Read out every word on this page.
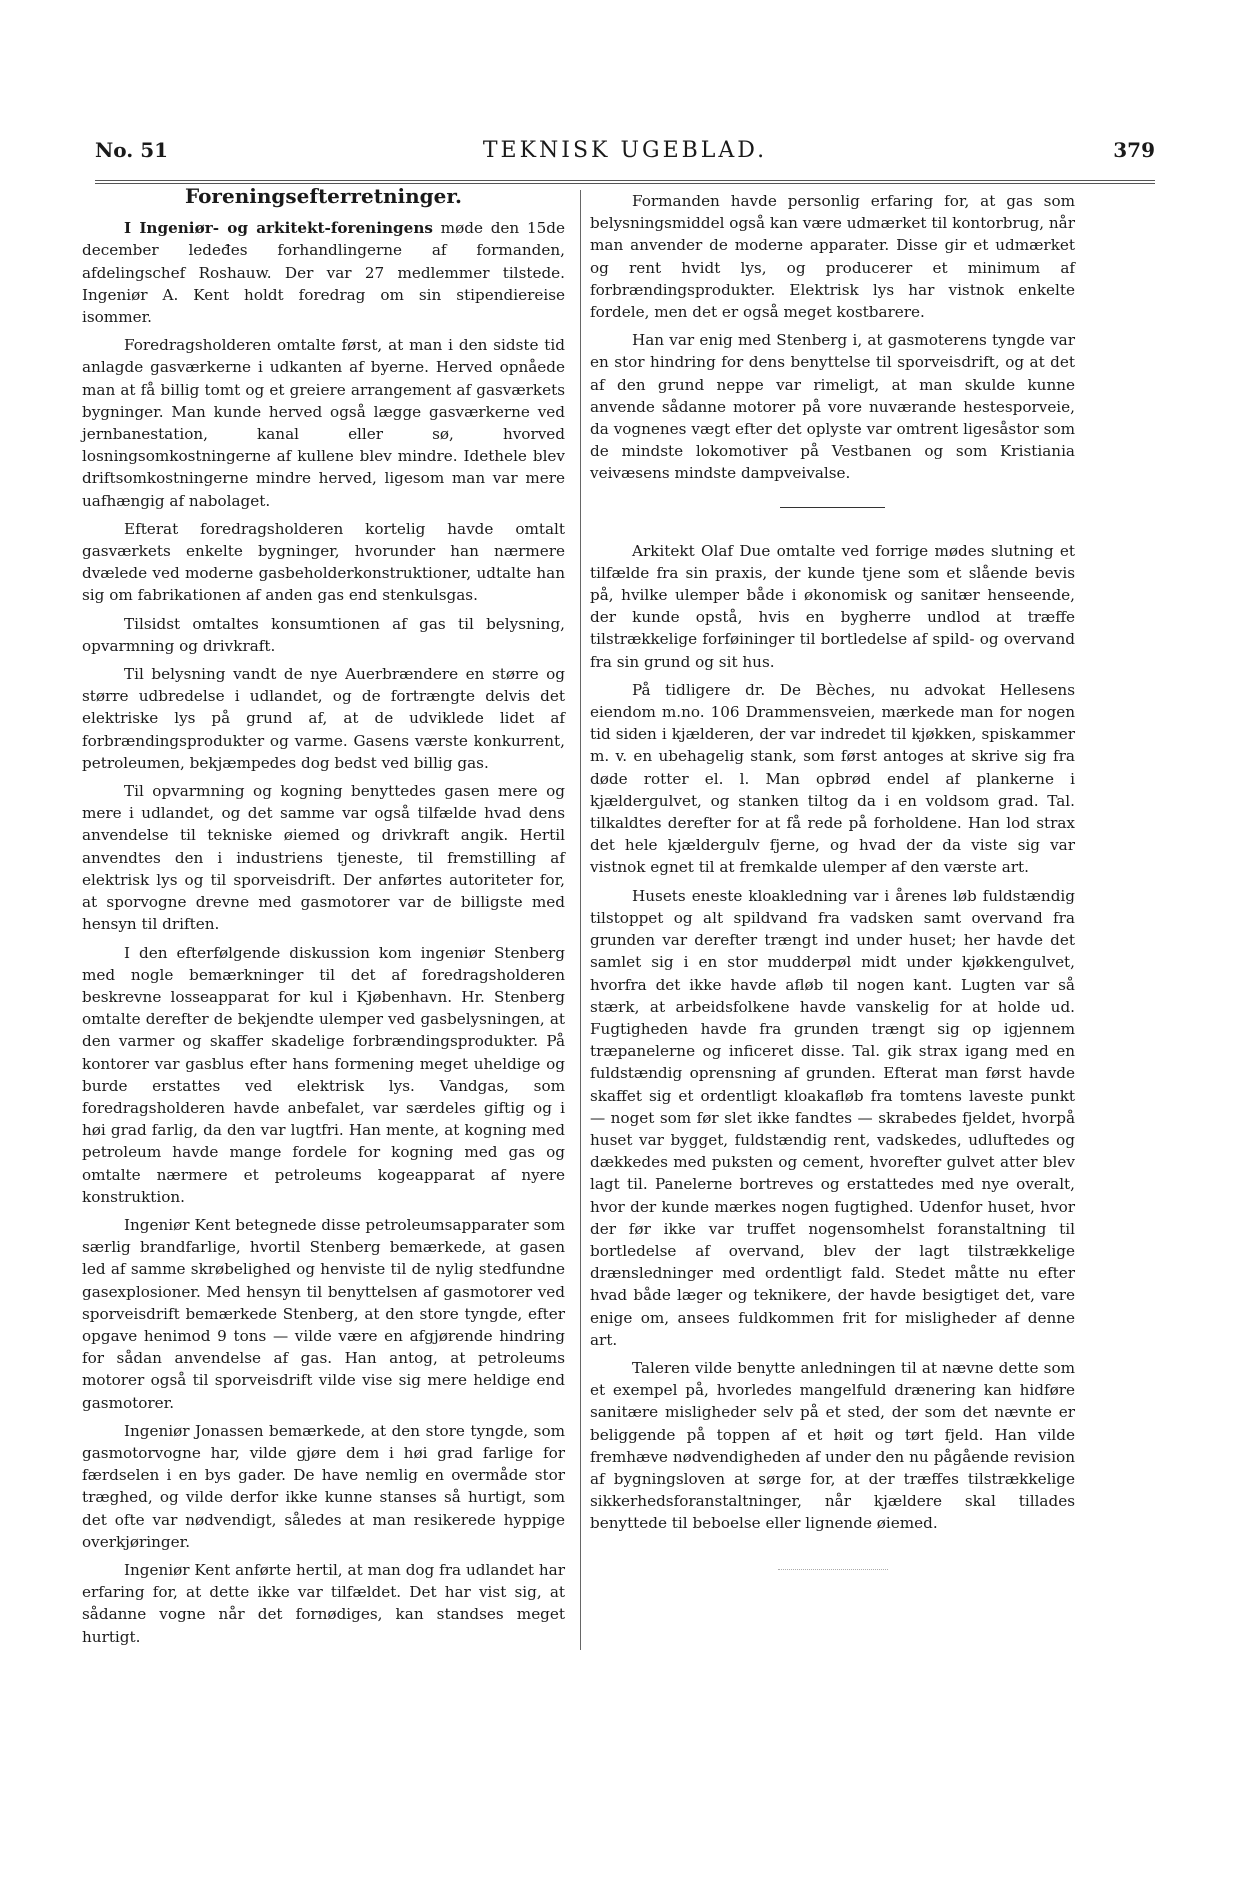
No. 51	TEKNISK UGEBLAD.	379
Foreningsefterretninger.

I Ingeniør- og arkitekt-foreningens møde den 15de december ledeđes forhandlingerne af formanden, afdelingschef Roshauw. Der var 27 medlemmer tilstede. Ingeniør A. Kent holdt foredrag om sin stipendiereise isommer.

Foredragsholderen omtalte først, at man i den sidste tid anlagde gasværkerne i udkanten af byerne. Herved opnåede man at få billig tomt og et greiere arrangement af gasværkets bygninger. Man kunde herved også lægge gasværkerne ved jernbanestation, kanal eller sø, hvorved losningsomkostningerne af kullene blev mindre. Idethele blev driftsomkostningerne mindre herved, ligesom man var mere uafhængig af nabolaget.

Efterat foredragsholderen kortelig havde omtalt gasværkets enkelte bygninger, hvorunder han nærmere dvælede ved moderne gasbeholderkonstruktioner, udtalte han sig om fabrikationen af anden gas end stenkulsgas.

Tilsidst omtaltes konsumtionen af gas til belysning, opvarmning og drivkraft.

Til belysning vandt de nye Auerbrændere en større og større udbredelse i udlandet, og de fortrængte delvis det elektriske lys på grund af, at de udviklede lidet af forbrændingsprodukter og varme. Gasens værste konkurrent, petroleumen, bekjæmpedes dog bedst ved billig gas.

Til opvarmning og kogning benyttedes gasen mere og mere i udlandet, og det samme var også tilfælde hvad dens anvendelse til tekniske øiemed og drivkraft angik. Hertil anvendtes den i industriens tjeneste, til fremstilling af elektrisk lys og til sporveisdrift. Der anførtes autoriteter for, at sporvogne drevne med gasmotorer var de billigste med hensyn til driften.

I den efterfølgende diskussion kom ingeniør Stenberg med nogle bemærkninger til det af foredragsholderen beskrevne losseapparat for kul i Kjøbenhavn. Hr. Stenberg omtalte derefter de bekjendte ulemper ved gasbelysningen, at den varmer og skaffer skadelige forbrændingsprodukter. På kontorer var gasblus efter hans formening meget uheldige og burde erstattes ved elektrisk lys. Vandgas, som foredragsholderen havde anbefalet, var særdeles giftig og i høi grad farlig, da den var lugtfri. Han mente, at kogning med petroleum havde mange fordele for kogning med gas og omtalte nærmere et petroleums kogeapparat af nyere konstruktion.

Ingeniør Kent betegnede disse petroleumsapparater som særlig brandfarlige, hvortil Stenberg bemærkede, at gasen led af samme skrøbelighed og henviste til de nylig stedfundne gasexplosioner. Med hensyn til benyttelsen af gasmotorer ved sporveisdrift bemærkede Stenberg, at den store tyngde, efter opgave henimod 9 tons — vilde være en afgjørende hindring for sådan anvendelse af gas. Han antog, at petroleums motorer også til sporveisdrift vilde vise sig mere heldige end gasmotorer.

Ingeniør Jonassen bemærkede, at den store tyngde, som gasmotorvogne har, vilde gjøre dem i høi grad farlige for færdselen i en bys gader. De have nemlig en overmåde stor træghed, og vilde derfor ikke kunne stanses så hurtigt, som det ofte var nødvendigt, således at man resikerede hyppige overkjøringer.

Ingeniør Kent anførte hertil, at man dog fra udlandet har erfaring for, at dette ikke var tilfældet. Det har vist sig, at sådanne vogne når det fornødiges, kan standses meget hurtigt.

Formanden havde personlig erfaring for, at gas som belysningsmiddel også kan være udmærket til kontorbrug, når man anvender de moderne apparater. Disse gir et udmærket og rent hvidt lys, og producerer et minimum af forbrændingsprodukter. Elektrisk lys har vistnok enkelte fordele, men det er også meget kostbarere.

Han var enig med Stenberg i, at gasmoterens tyngde var en stor hindring for dens benyttelse til sporveisdrift, og at det af den grund neppe var rimeligt, at man skulde kunne anvende sådanne motorer på vore nuværande hestesporveie, da vognenes vægt efter det oplyste var omtrent ligesåstor som de mindste lokomotiver på Vestbanen og som Kristiania veivæsens mindste dampveivalse.

Arkitekt Olaf Due omtalte ved forrige mødes slutning et tilfælde fra sin praxis, der kunde tjene som et slående bevis på, hvilke ulemper både i økonomisk og sanitær henseende, der kunde opstå, hvis en bygherre undlod at træffe tilstrækkelige forføininger til bortledelse af spild- og overvand fra sin grund og sit hus.

På tidligere dr. De Bèches, nu advokat Hellesens eiendom m.no. 106 Drammensveien, mærkede man for nogen tid siden i kjælderen, der var indredet til kjøkken, spiskammer m. v. en ubehagelig stank, som først antoges at skrive sig fra døde rotter el. l. Man opbrød endel af plankerne i kjældergulvet, og stanken tiltog da i en voldsom grad. Tal. tilkaldtes derefter for at få rede på forholdene. Han lod strax det hele kjældergulv fjerne, og hvad der da viste sig var vistnok egnet til at fremkalde ulemper af den værste art.

Husets eneste kloakledning var i årenes løb fuldstændig tilstoppet og alt spildvand fra vadsken samt overvand fra grunden var derefter trængt ind under huset; her havde det samlet sig i en stor mudderpøl midt under kjøkkengulvet, hvorfra det ikke havde afløb til nogen kant. Lugten var så stærk, at arbeidsfolkene havde vanskelig for at holde ud. Fugtigheden havde fra grunden trængt sig op igjennem træpanelerne og inficeret disse. Tal. gik strax igang med en fuldstændig oprensning af grunden. Efterat man først havde skaffet sig et ordentligt kloakafløb fra tomtens laveste punkt — noget som før slet ikke fandtes — skrabedes fjeldet, hvorpå huset var bygget, fuldstændig rent, vadskedes, udluftedes og dækkedes med puksten og cement, hvorefter gulvet atter blev lagt til. Panelerne bortreves og erstattedes med nye overalt, hvor der kunde mærkes nogen fugtighed. Udenfor huset, hvor der før ikke var truffet nogensomhelst foranstaltning til bortledelse af overvand, blev der lagt tilstrækkelige drænsledninger med ordentligt fald. Stedet måtte nu efter hvad både læger og teknikere, der havde besigtiget det, vare enige om, ansees fuldkommen frit for misligheder af denne art.

Taleren vilde benytte anledningen til at nævne dette som et exempel på, hvorledes mangelfuld drænering kan hidføre sanitære misligheder selv på et sted, der som det nævnte er beliggende på toppen af et høit og tørt fjeld. Han vilde fremhæve nødvendigheden af under den nu pågående revision af bygningsloven at sørge for, at der træffes tilstrækkelige sikkerhedsforanstaltninger, når kjældere skal tillades benyttede til beboelse eller lignende øiemed.
